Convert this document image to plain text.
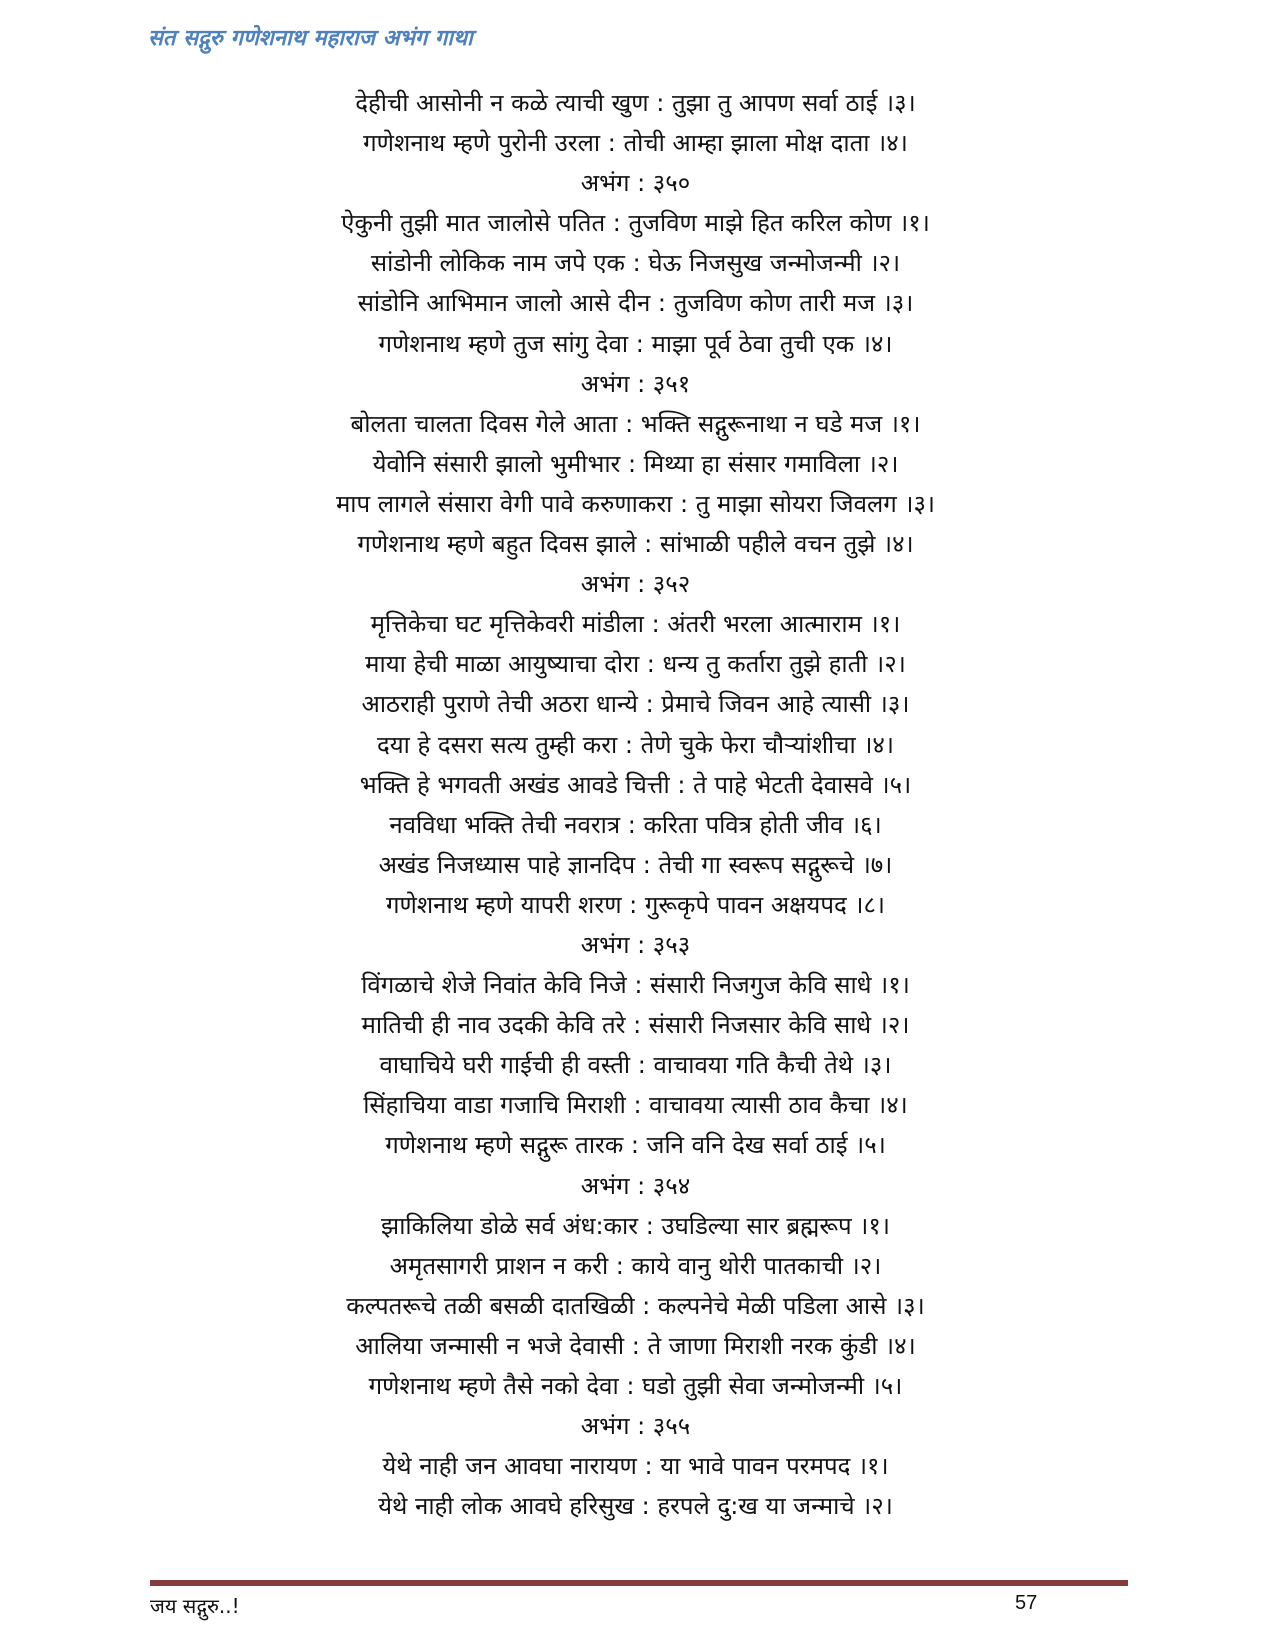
संत सद्गुरु गणेशनाथ महाराज अभंग गाथा
देहीची आसोनी न कळे त्याची खुण : तुझा तु आपण सर्वा ठाई ।३।
गणेशनाथ म्हणे पुरोनी उरला : तोची आम्हा झाला मोक्ष दाता ।४।
अभंग : ३५०
ऐकुनी तुझी मात जालोसे पतित : तुजविण माझे हित करिल कोण ।१।
सांडोनी लोकिक नाम जपे एक : घेऊ निजसुख जन्मोजन्मी ।२।
सांडोनि आभिमान जालो आसे दीन : तुजविण कोण तारी मज ।३।
गणेशनाथ म्हणे तुज सांगु देवा : माझा पूर्व ठेवा तुची एक ।४।
अभंग : ३५१
बोलता चालता दिवस गेले आता : भक्ति सद्गुरूनाथा न घडे मज ।१।
येवोनि संसारी झालो भुमीभार : मिथ्या हा संसार गमाविला ।२।
माप लागले संसारा वेगी पावे करुणाकरा : तु माझा सोयरा जिवलग ।३।
गणेशनाथ म्हणे बहुत दिवस झाले : सांभाळी पहीले वचन तुझे ।४।
अभंग : ३५२
मृत्तिकेचा घट मृत्तिकेवरी मांडीला : अंतरी भरला आत्माराम ।१।
माया हेची माळा आयुष्याचा दोरा : धन्य तु कर्तारा तुझे हाती ।२।
आठराही पुराणे तेची अठरा धान्ये : प्रेमाचे जिवन आहे त्यासी ।३।
दया हे दसरा सत्य तुम्ही करा : तेणे चुके फेरा चौऱ्यांशीचा ।४।
भक्ति हे भगवती अखंड आवडे चित्ती : ते पाहे भेटती देवासवे ।५।
नवविधा भक्ति तेची नवरात्र : करिता पवित्र होती जीव ।६।
अखंड निजध्यास पाहे ज्ञानदिप : तेची गा स्वरूप सद्गुरूचे ।७।
गणेशनाथ म्हणे यापरी शरण : गुरूकृपे पावन अक्षयपद ।८।
अभंग : ३५३
विंगळाचे शेजे निवांत केवि निजे : संसारी निजगुज केवि साधे ।१।
मातिची ही नाव उदकी केवि तरे : संसारी निजसार केवि साधे ।२।
वाघाचिये घरी गाईची ही वस्ती : वाचावया गति कैची तेथे ।३।
सिंहाचिया वाडा गजाचि मिराशी : वाचावया त्यासी ठाव कैचा ।४।
गणेशनाथ म्हणे सद्गुरू तारक : जनि वनि देख सर्वा ठाई ।५।
अभंग : ३५४
झाकिलिया डोळे सर्व अंध:कार : उघडिल्या सार ब्रह्मरूप ।१।
अमृतसागरी प्राशन न करी : काये वानु थोरी पातकाची ।२।
कल्पतरूचे तळी बसळी दातखिळी : कल्पनेचे मेळी पडिला आसे ।३।
आलिया जन्मासी न भजे देवासी : ते जाणा मिराशी नरक कुंडी ।४।
गणेशनाथ म्हणे तैसे नको देवा : घडो तुझी सेवा जन्मोजन्मी ।५।
अभंग : ३५५
येथे नाही जन आवघा नारायण : या भावे पावन परमपद ।१।
येथे नाही लोक आवघे हरिसुख : हरपले दु:ख या जन्माचे ।२।
जय सद्गुरु..!	57
